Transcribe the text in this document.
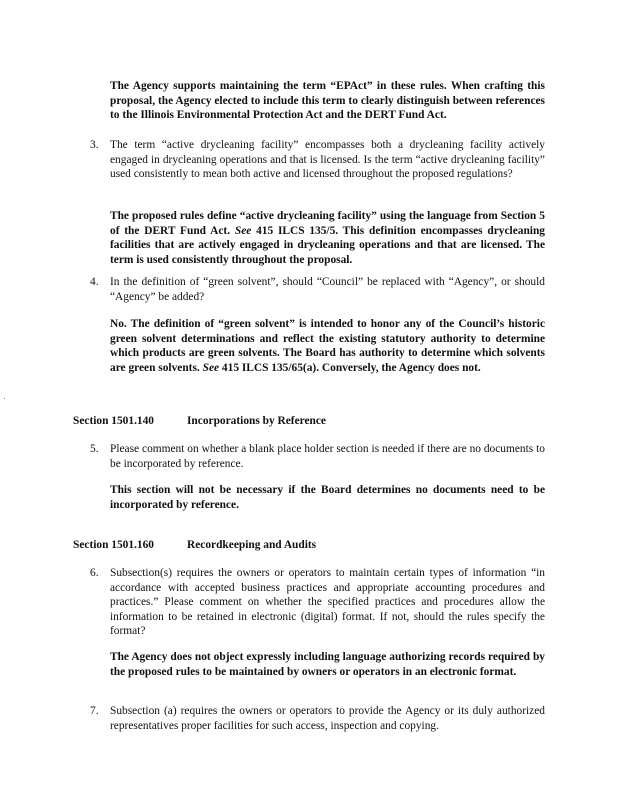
The Agency supports maintaining the term “EPAct” in these rules. When crafting this proposal, the Agency elected to include this term to clearly distinguish between references to the Illinois Environmental Protection Act and the DERT Fund Act.

3. The term “active drycleaning facility” encompasses both a drycleaning facility actively engaged in drycleaning operations and that is licensed. Is the term “active drycleaning facility” used consistently to mean both active and licensed throughout the proposed regulations?

The proposed rules define “active drycleaning facility” using the language from Section 5 of the DERT Fund Act. See 415 ILCS 135/5. This definition encompasses drycleaning facilities that are actively engaged in drycleaning operations and that are licensed. The term is used consistently throughout the proposal.

4. In the definition of “green solvent”, should “Council” be replaced with “Agency”, or should “Agency” be added?

No. The definition of “green solvent” is intended to honor any of the Council’s historic green solvent determinations and reflect the existing statutory authority to determine which products are green solvents. The Board has authority to determine which solvents are green solvents. See 415 ILCS 135/65(a). Conversely, the Agency does not.

Section 1501.140	Incorporations by Reference
5. Please comment on whether a blank place holder section is needed if there are no documents to be incorporated by reference.

This section will not be necessary if the Board determines no documents need to be incorporated by reference.

Section 1501.160	Recordkeeping and Audits
6. Subsection(s) requires the owners or operators to maintain certain types of information “in accordance with accepted business practices and appropriate accounting procedures and practices.” Please comment on whether the specified practices and procedures allow the information to be retained in electronic (digital) format. If not, should the rules specify the format?

The Agency does not object expressly including language authorizing records required by the proposed rules to be maintained by owners or operators in an electronic format.

7. Subsection (a) requires the owners or operators to provide the Agency or its duly authorized representatives proper facilities for such access, inspection and copying.
